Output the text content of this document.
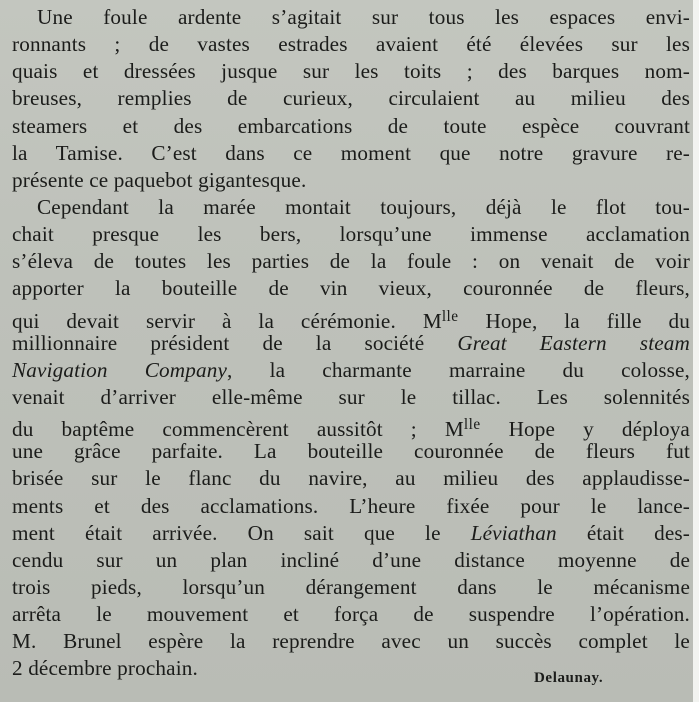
Une foule ardente s’agitait sur tous les espaces envi-
ronnants ; de vastes estrades avaient été élevées sur les
quais et dressées jusque sur les toits ; des barques nom-
breuses, remplies de curieux, circulaient au milieu des
steamers et des embarcations de toute espèce couvrant
la Tamise. C’est dans ce moment que notre gravure re-
présente ce paquebot gigantesque.
Cependant la marée montait toujours, déjà le flot tou-
chait presque les bers, lorsqu’une immense acclamation
s’éleva de toutes les parties de la foule : on venait de voir
apporter la bouteille de vin vieux, couronnée de fleurs,
qui devait servir à la cérémonie. $M^{lle}$ Hope, la fille du
millionnaire président de la société Great Eastern steam
Navigation Company, la charmante marraine du colosse,
venait d’arriver elle-même sur le tillac. Les solennités
du baptême commencèrent aussitôt ; $M^{lle}$ Hope y déploya
une grâce parfaite. La bouteille couronnée de fleurs fut
brisée sur le flanc du navire, au milieu des applaudisse-
ments et des acclamations. L’heure fixée pour le lance-
ment était arrivée. On sait que le Léviathan était des-
cendu sur un plan incliné d’une distance moyenne de
trois pieds, lorsqu’un dérangement dans le mécanisme
arrêta le mouvement et força de suspendre l’opération.
M. Brunel espère la reprendre avec un succès complet le
2 décembre prochain.	Delaunay.
